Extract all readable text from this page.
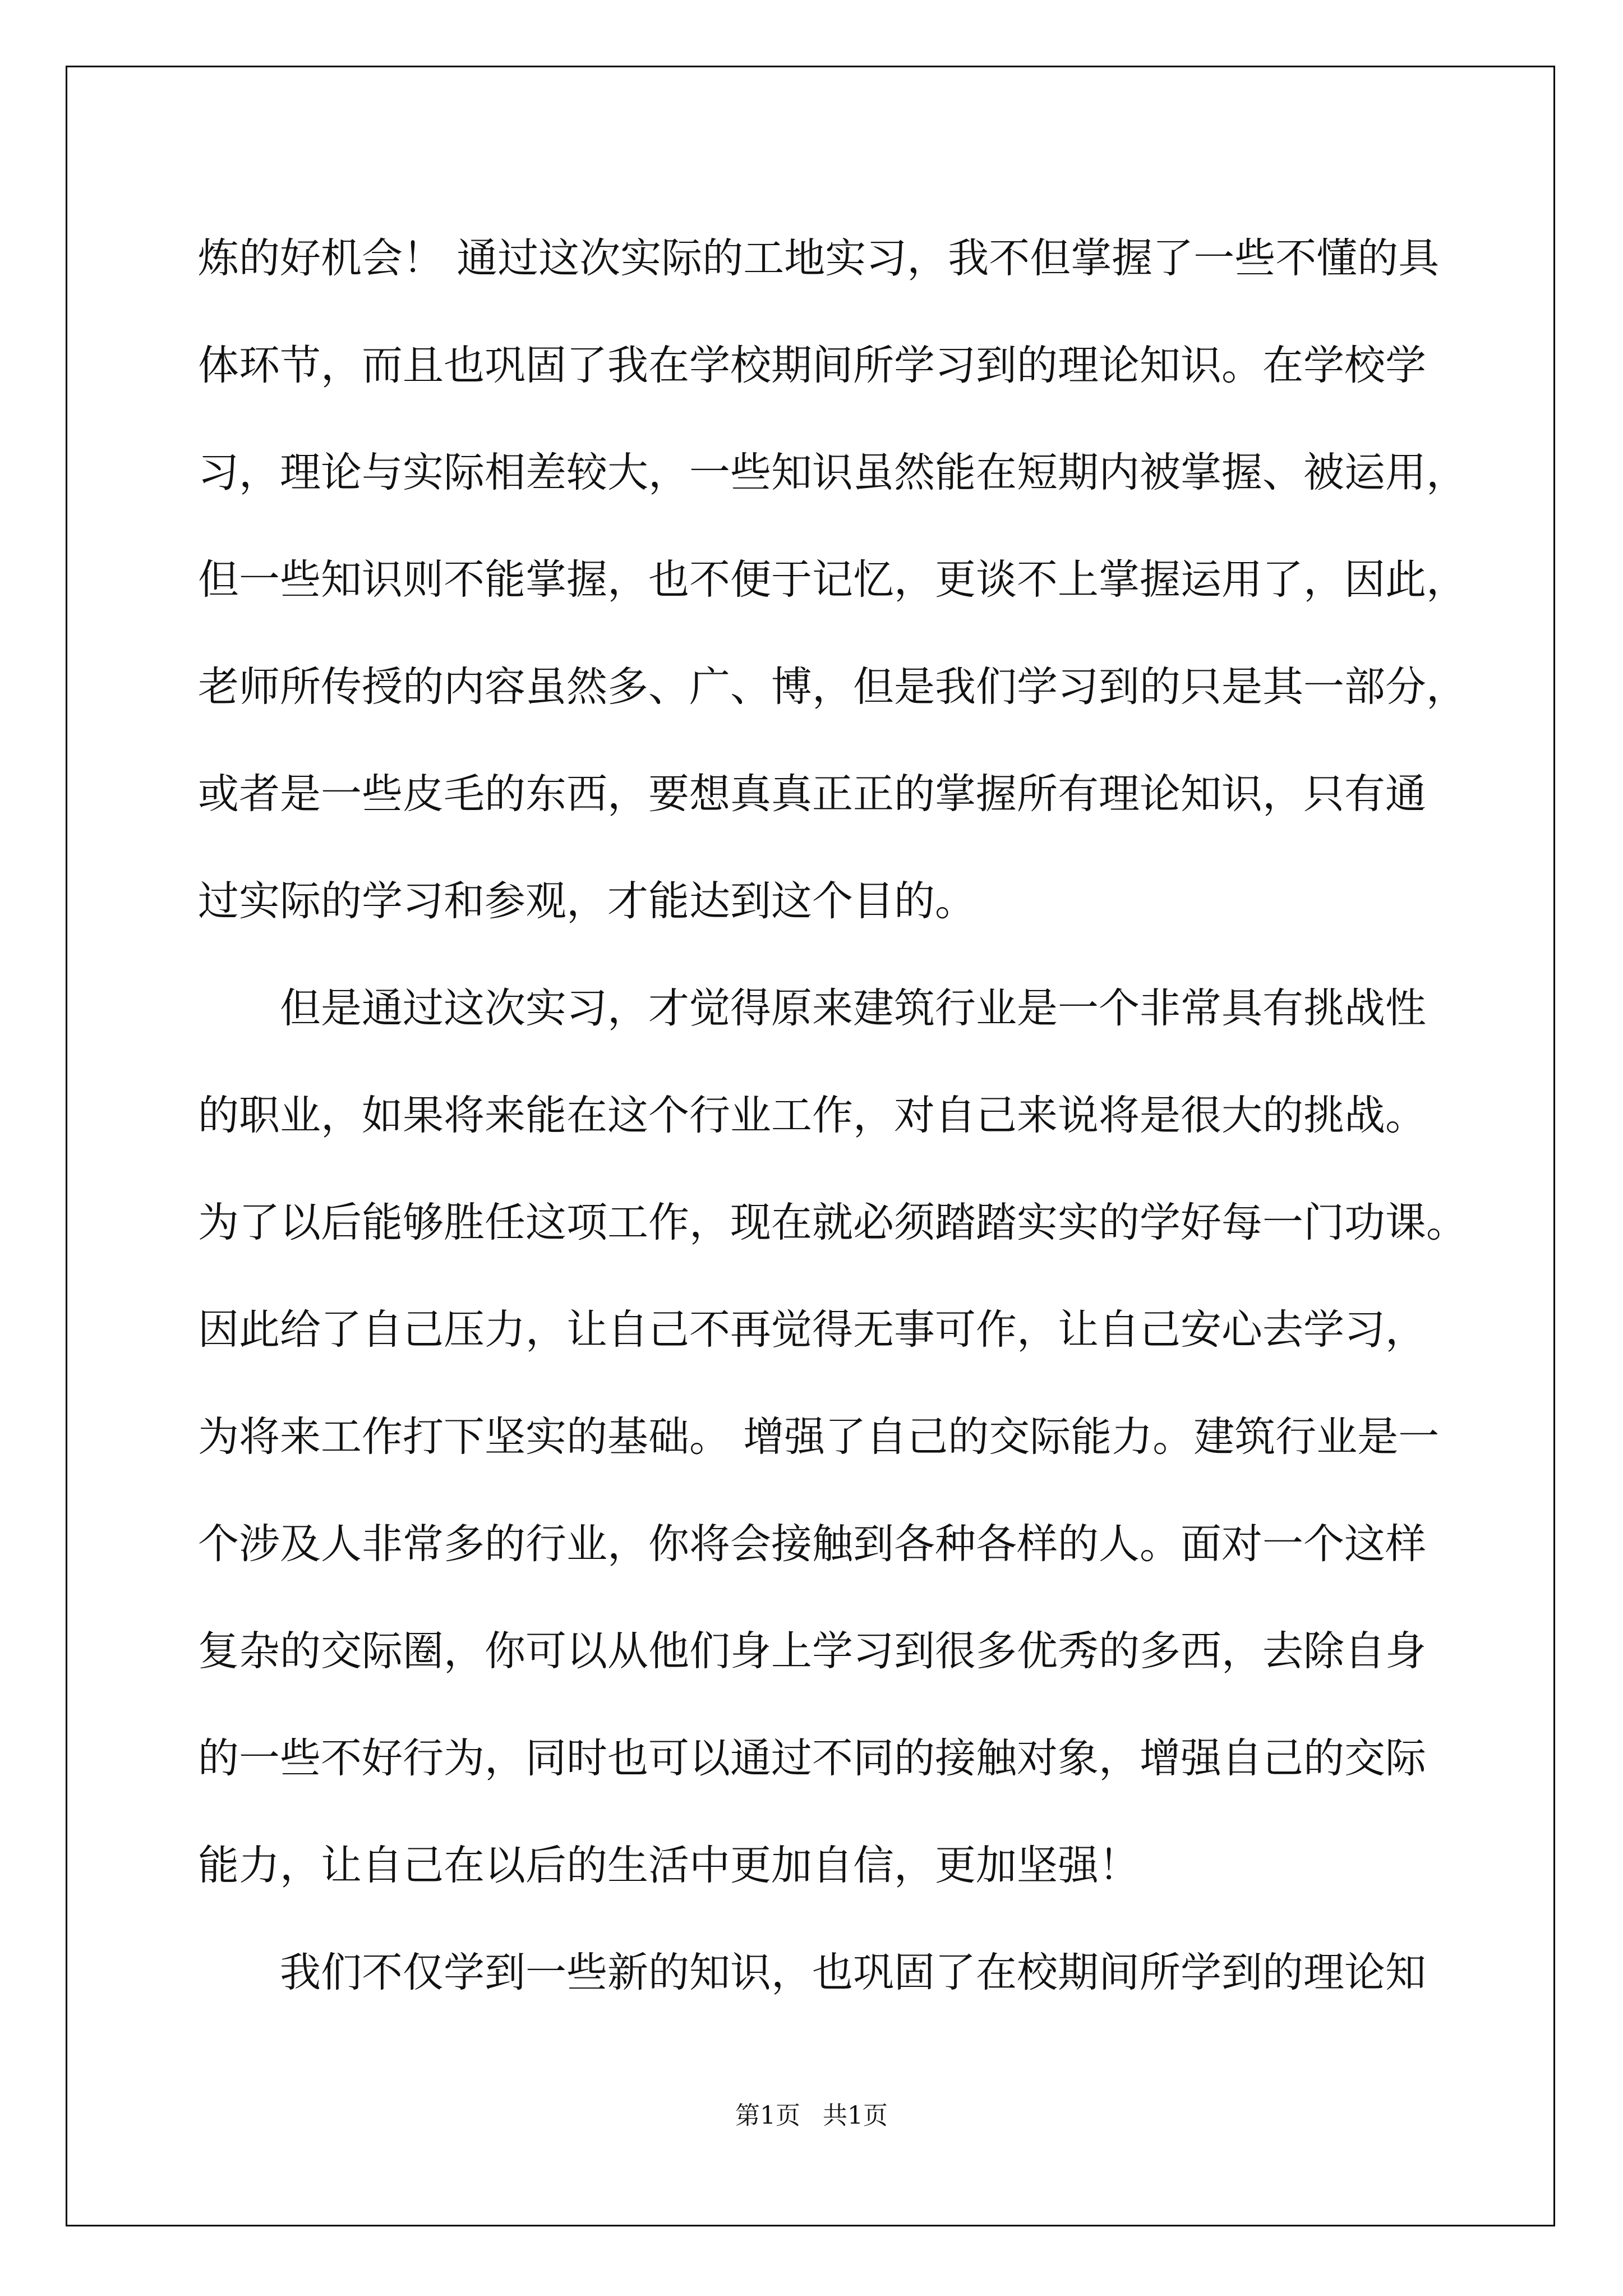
炼的好机会！ 通过这次实际的工地实习，我不但掌握了一些不懂的具
体环节，而且也巩固了我在学校期间所学习到的理论知识。在学校学
习，理论与实际相差较大，一些知识虽然能在短期内被掌握、被运用，
但一些知识则不能掌握，也不便于记忆，更谈不上掌握运用了，因此，
老师所传授的内容虽然多、广、博，但是我们学习到的只是其一部分，
或者是一些皮毛的东西，要想真真正正的掌握所有理论知识，只有通
过实际的学习和参观，才能达到这个目的。
但是通过这次实习，才觉得原来建筑行业是一个非常具有挑战性
的职业，如果将来能在这个行业工作，对自己来说将是很大的挑战。
为了以后能够胜任这项工作，现在就必须踏踏实实的学好每一门功课。
因此给了自己压力，让自己不再觉得无事可作，让自己安心去学习，
为将来工作打下坚实的基础。 增强了自己的交际能力。建筑行业是一
个涉及人非常多的行业，你将会接触到各种各样的人。面对一个这样
复杂的交际圈，你可以从他们身上学习到很多优秀的多西，去除自身
的一些不好行为，同时也可以通过不同的接触对象，增强自己的交际
能力，让自己在以后的生活中更加自信，更加坚强！
我们不仅学到一些新的知识，也巩固了在校期间所学到的理论知
第1页 共1页
